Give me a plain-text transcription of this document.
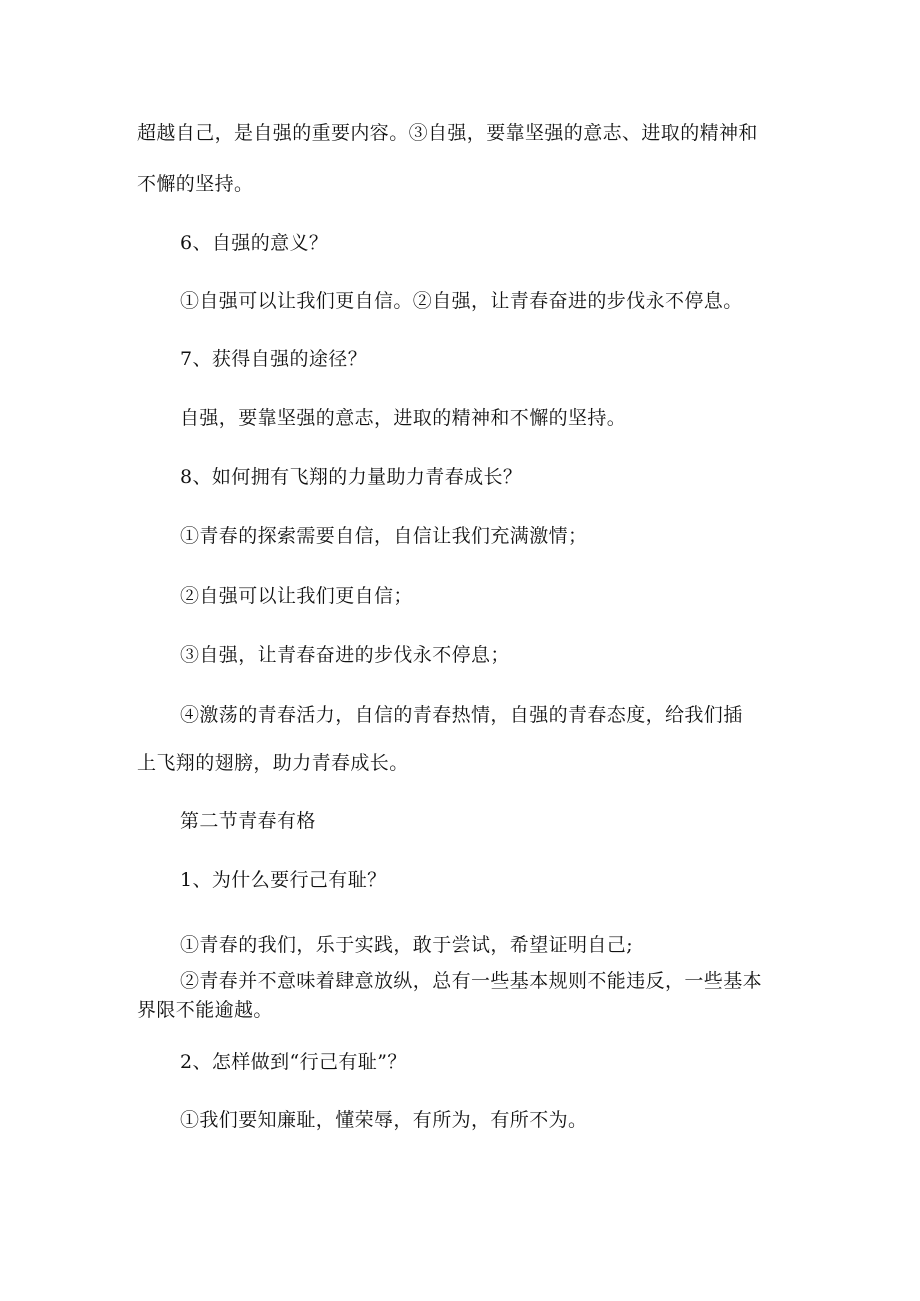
超越自己，是自强的重要内容。③自强，要靠坚强的意志、进取的精神和
不懈的坚持。
6、自强的意义？
①自强可以让我们更自信。②自强，让青春奋进的步伐永不停息。
7、获得自强的途径？
自强，要靠坚强的意志，进取的精神和不懈的坚持。
8、如何拥有飞翔的力量助力青春成长？
①青春的探索需要自信，自信让我们充满激情；
②自强可以让我们更自信；
③自强，让青春奋进的步伐永不停息；
④激荡的青春活力，自信的青春热情，自强的青春态度，给我们插
上飞翔的翅膀，助力青春成长。
第二节青春有格
1、为什么要行己有耻？
①青春的我们，乐于实践，敢于尝试，希望证明自己;
②青春并不意味着肆意放纵，总有一些基本规则不能违反，一些基本
界限不能逾越。
2、怎样做到“行己有耻”？
①我们要知廉耻，懂荣辱，有所为，有所不为。
